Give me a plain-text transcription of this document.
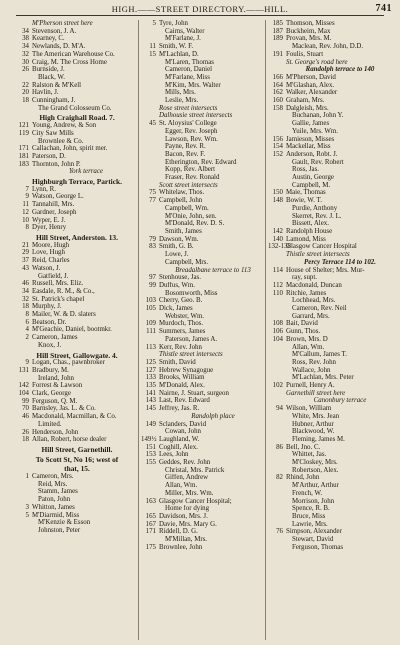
HIGH.——STREET DIRECTORY.——HILL.	741
M'Pherson street here
34 Stevenson, J. A.
38 Kearney, C.
34 Newlands, D. M'A.
32 The American Warehouse Co.
30 Craig, M. The Cross Home
26 Burnside, J.
Black, W.
22 Ralston & M'Kell
20 Havlin, J.
18 Cunningham, J.
The Grand Colosseum Co.
High Craighall Road. 7.
121 Young, Andrew, & Son
119 City Saw Mills
Brownlee & Co.
171 Callachan, John, spirit mer.
181 Paterson, D.
183 Thornton, John P.
York terrace
Highburgh Terrace, Partick.
7 Lynn, R.
9 Watson, George L.
11 Tannahill, Mrs.
12 Gardner, Joseph
10 Wyper, E. J.
8 Dyer, Henry
Hill Street, Anderston. 13.
21 Moore, Hugh
29 Love, Hugh
37 Reid, Charles
43 Watson, J.
Gatfield, J.
46 Russell, Mrs. Eliz.
34 Easdale, R. M., & Co.,
32 St. Patrick's chapel
18 Murphy, J.
8 Mailer, W. & D. slaters
6 Beatson, Dr.
4 M'Geachie, Daniel, bootmkr.
2 Cameron, James
Knox, J.
Hill Street, Gallowgate. 4.
9 Logan, Chas., pawnbroker
131 Bradbury, M.
Ireland, John
142 Forrest & Lawson
104 Clark, George
99 Ferguson, Q. M.
70 Barnsley, Jas. L. & Co.
46 Macdonald, Macmillan, & Co.
Limited.
26 Henderson, John
18 Allan, Robert, horse dealer
Hill Street, Garnethill.
To Scott St, No 16; west of
that, 15.
1 Cameron, Mrs.
Reid, Mrs.
Stamm, James
Paton, John
3 Whitton, James
5 M'Diarmid, Miss
M'Kenzie & Esson
Johnston, Peter
5 Tyre, John
Cairns, Walter
M'Farlane, J.
11 Smith, W. F.
15 M'Lachlan, D.
M'Laren, Thomas
Cameron, Daniel
M'Farlane, Miss
M'Kim, Mrs. Walter
Mills, Mrs.
Leslie, Mrs.
Rose street intersects
Dalhousie street intersects
45 St. Aloysius' College
Egger, Rev. Joseph
Lawson, Rev. Wm.
Payne, Rev. R.
Bacon, Rev. F.
Etherington, Rev. Edward
Kopp, Rev. Albert
Fraser, Rev. Ronald
Scott street intersects
75 Whitelaw, Thos.
77 Campbell, John
Campbell, Wm.
M'Onie, John, sen.
M'Donald, Rev. D. S.
Smith, James
79 Dawson, Wm.
83 Smith, G. B.
Lowe, J.
Campbell, Mrs.
Breadalbane terrace to 113
97 Stenhouse, Jas.
99 Duffus, Wm.
Bosomworth, Miss
103 Cherry, Geo. B.
105 Dick, James
Webster, Wm.
109 Murdoch, Thos.
111 Summers, James
Paterson, James A.
113 Kerr, Rev. John
Thistle street intersects
125 Smith, David
127 Hebrew Synagogue
133 Brooks, William
135 M'Donald, Alex.
141 Nairne, J. Stuart, surgeon
143 Last, Rev. Edward
145 Jeffrey, Jas. R.
Randolph place
149 Sclanders, David
Cowan, John
149½ Laughland, W.
151 Coghill, Alex.
153 Lees, John
155 Geddes, Rev. John
Christal, Mrs. Patrick
Giffen, Andrew
Allan, Wm.
Miller, Mrs. Wm.
163 Glasgow Cancer Hospital;
Home for dying
165 Davidson, Mrs. J.
167 Davie, Mrs. Mary G.
171 Riddell, D. G.
M'Millan, Mrs.
175 Brownlee, John
185 Thomson, Misses
187 Buckheim, Max
189 Provan, Mrs. M.
Maclean, Rev. John, D.D.
191 Foulis, Stuart
St. George's road here
Randolph terrace to 140
166 M'Pherson, David
164 M'Glashan, Alex.
162 Walker, Alexander
160 Graham, Mrs.
158 Dalgleish, Mrs.
Buchanan, John Y.
Gallie, James
Yuile, Mrs. Wm.
156 Jamieson, Misses
154 Mackellar, Miss
152 Anderson, Robt. J.
Gault, Rev. Robert
Ross, Jas.
Austin, George
Campbell, M.
150 Maie, Thomas
148 Bowie, W. T.
Purdie, Anthony
Skerret, Rev. J. L.
Bissett, Alex.
142 Randolph House
140 Lamond, Miss
132-138
Glasgow Cancer Hospital
Thistle street intersects
Percy Terrace 114 to 102.
114 House of Shelter; Mrs. Mur-
ray, supt.
112 Macdonald, Duncan
110 Ritchie, James
Lochhead, Mrs.
Cameron, Rev. Neil
Garrard, Mrs.
108 Bait, David
106 Gunn, Thos.
104 Brown, Mrs. D
Allan, Wm.
M'Callum, James T.
Ross, Rev. John
Wallace, John
M'Lachlan, Mrs. Peter
102 Purnell, Henry A.
Garnethill street here
Canonbury terrace
94 Wilson, William
White, Mrs. Jean
Hubner, Arthur
Blackwood, W.
Fleming, James M.
86 Bell, Jno. C.
Whittet, Jas.
M'Closkey, Mrs.
Robertson, Alex.
82 Rhind, John
M'Arthur, Arthur
French, W.
Morrison, John
Spence, R. B.
Bruce, Miss
Lawrie, Mrs.
76 Simpson, Alexander
Stewart, David
Ferguson, Thomas
